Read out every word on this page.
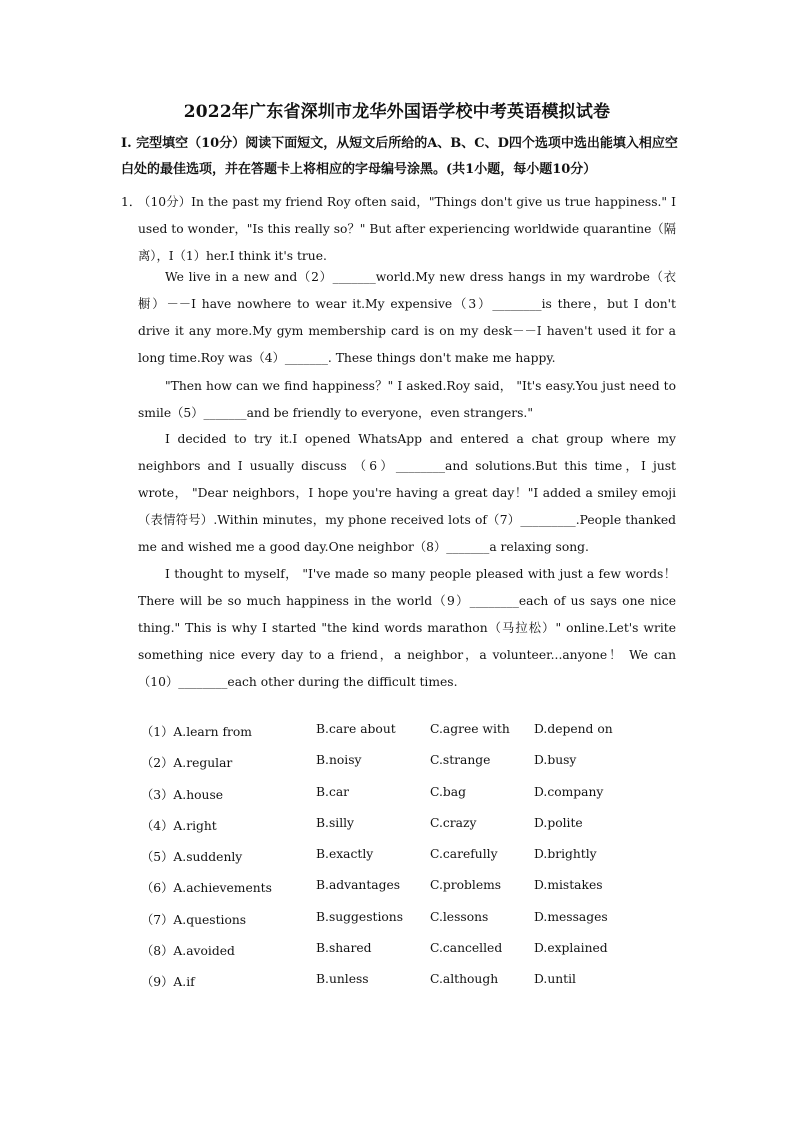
2022年广东省深圳市龙华外国语学校中考英语模拟试卷
I. 完型填空（10分）阅读下面短文，从短文后所给的A、B、C、D四个选项中选出能填入相应空白处的最佳选项，并在答题卡上将相应的字母编号涂黑。(共1小题，每小题10分）
1．
（10分）In the past my friend Roy often said，"Things don't give us true happiness." I used to wonder，"Is this really so？" But after experiencing worldwide quarantine（隔离），I（1）her.I think it's true.
We live in a new and（2）_______world.My new dress hangs in my wardrobe（衣橱）－－I have nowhere to wear it.My expensive（3）________is there，but I don't drive it any more.My gym membership card is on my desk－－I haven't used it for a long time.Roy was（4）_______. These things don't make me happy.
"Then how can we find happiness？" I asked.Roy said， "It's easy.You just need to smile（5）_______and be friendly to everyone，even strangers."
I decided to try it.I opened WhatsApp and entered a chat group where my neighbors and I usually discuss （6）________and solutions.But this time，I just wrote， "Dear neighbors，I hope you're having a great day！"I added a smiley emoji（表情符号）.Within minutes，my phone received lots of（7）_________.People thanked me and wished me a good day.One neighbor（8）_______a relaxing song.
I thought to myself， "I've made so many people pleased with just a few words！ There will be so much happiness in the world（9）________each of us says one nice thing." This is why I started "the kind words marathon（马拉松）" online.Let's write something nice every day to a friend，a neighbor，a volunteer...anyone！ We can（10）________each other during the difficult times.
（1）A.learn from	B.care about	C.agree with D.depend on
（2）A.regular	B.noisy	C.strange	D.busy
（3）A.house	B.car	C.bag	D.company
（4）A.right	B.silly	C.crazy	D.polite
（5）A.suddenly	B.exactly	C.carefully	D.brightly
（6）A.achievements	B.advantages C.problems	D.mistakes
（7）A.questions	B.suggestions C.lessons	D.messages
（8）A.avoided	B.shared	C.cancelled	D.explained
（9）A.if	B.unless	C.although	D.until
